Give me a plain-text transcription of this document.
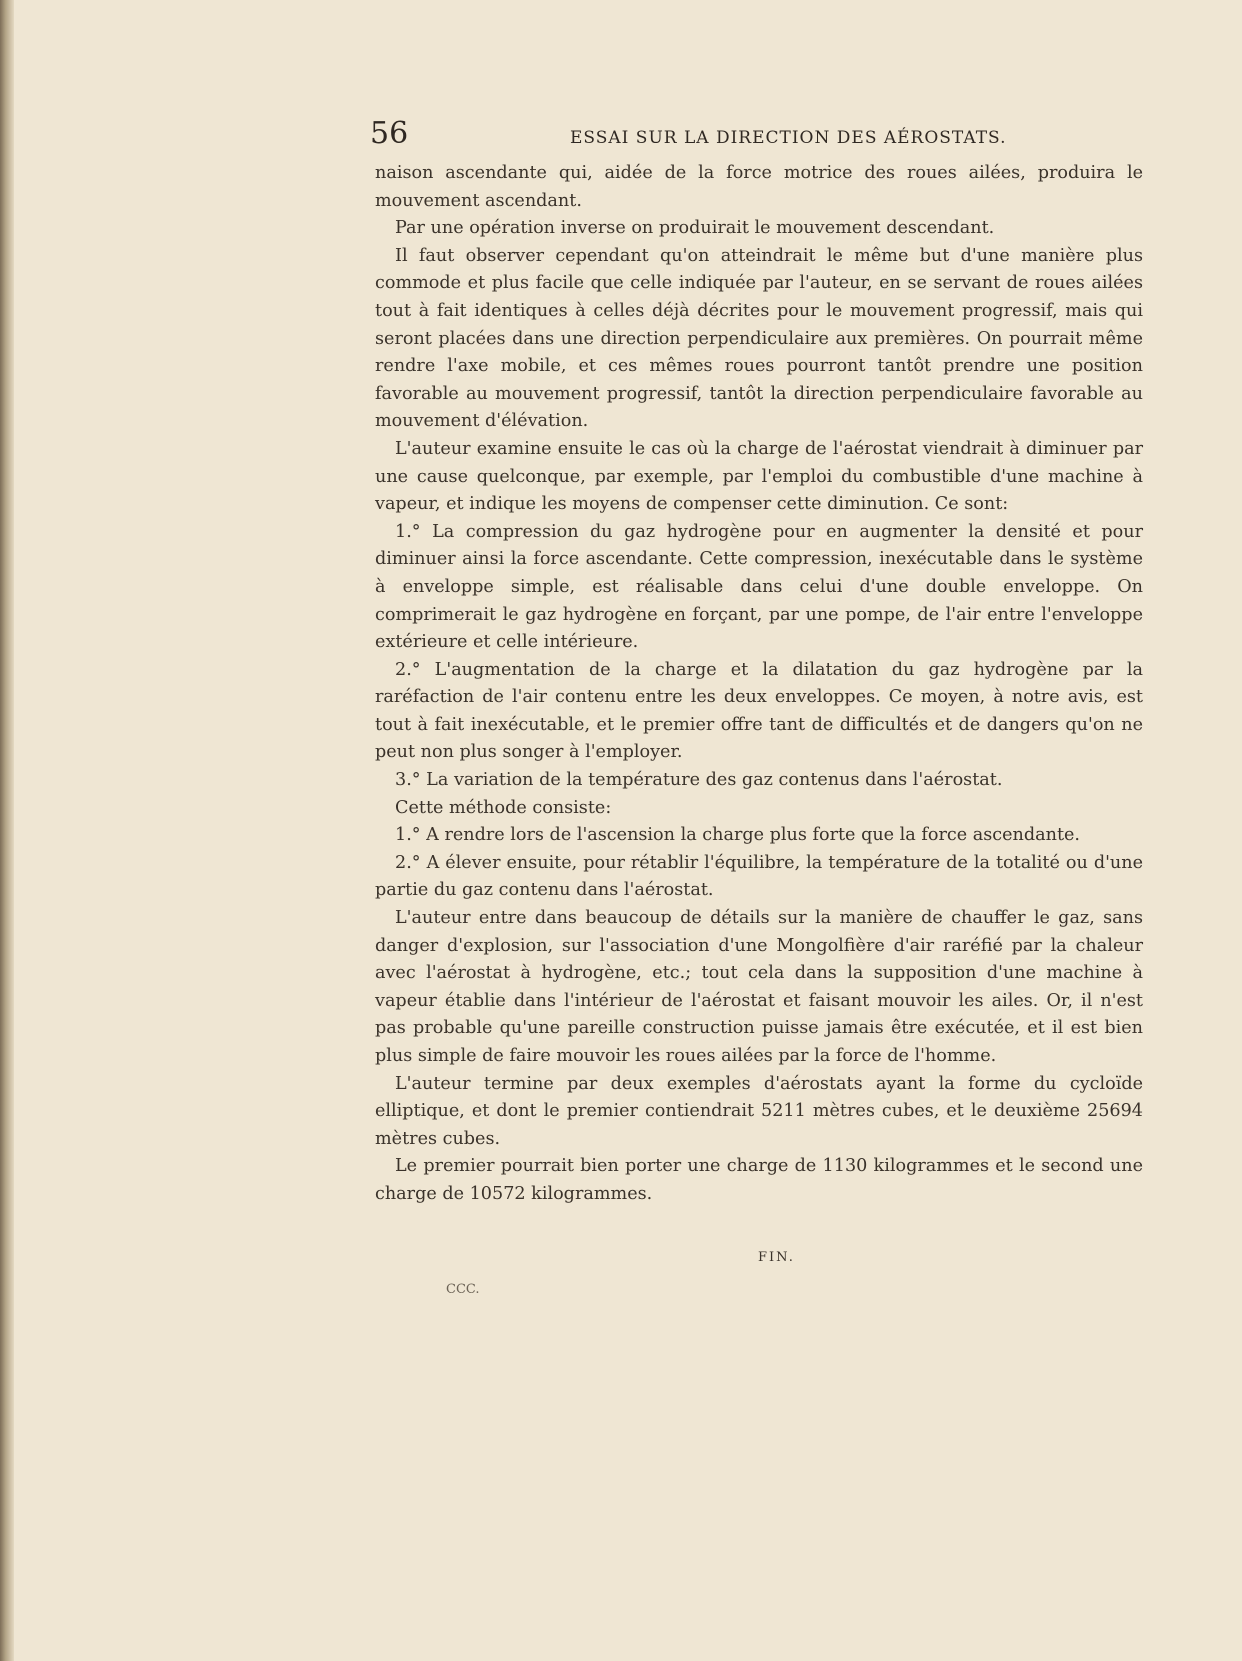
56	ESSAI SUR LA DIRECTION DES AÉROSTATS.

naison ascendante qui, aidée de la force motrice des roues ailées, produira le mouvement ascendant.

Par une opération inverse on produirait le mouvement descendant.

Il faut observer cependant qu'on atteindrait le même but d'une manière plus commode et plus facile que celle indiquée par l'auteur, en se servant de roues ailées tout à fait identiques à celles déjà décrites pour le mouvement progressif, mais qui seront placées dans une direction perpendiculaire aux premières. On pourrait même rendre l'axe mobile, et ces mêmes roues pourront tantôt prendre une position favorable au mouvement progressif, tantôt la direction perpendiculaire favorable au mouvement d'élévation.

L'auteur examine ensuite le cas où la charge de l'aérostat viendrait à diminuer par une cause quelconque, par exemple, par l'emploi du combustible d'une machine à vapeur, et indique les moyens de compenser cette diminution. Ce sont:

1.° La compression du gaz hydrogène pour en augmenter la densité et pour diminuer ainsi la force ascendante. Cette compression, inexécutable dans le système à enveloppe simple, est réalisable dans celui d'une double enveloppe. On comprimerait le gaz hydrogène en forçant, par une pompe, de l'air entre l'enveloppe extérieure et celle intérieure.

2.° L'augmentation de la charge et la dilatation du gaz hydrogène par la raréfaction de l'air contenu entre les deux enveloppes. Ce moyen, à notre avis, est tout à fait inexécutable, et le premier offre tant de difficultés et de dangers qu'on ne peut non plus songer à l'employer.

3.° La variation de la température des gaz contenus dans l'aérostat.

Cette méthode consiste:

1.° A rendre lors de l'ascension la charge plus forte que la force ascendante.

2.° A élever ensuite, pour rétablir l'équilibre, la température de la totalité ou d'une partie du gaz contenu dans l'aérostat.

L'auteur entre dans beaucoup de détails sur la manière de chauffer le gaz, sans danger d'explosion, sur l'association d'une Mongolfière d'air raréfié par la chaleur avec l'aérostat à hydrogène, etc.; tout cela dans la supposition d'une machine à vapeur établie dans l'intérieur de l'aérostat et faisant mouvoir les ailes. Or, il n'est pas probable qu'une pareille construction puisse jamais être exécutée, et il est bien plus simple de faire mouvoir les roues ailées par la force de l'homme.

L'auteur termine par deux exemples d'aérostats ayant la forme du cycloïde elliptique, et dont le premier contiendrait 5211 mètres cubes, et le deuxième 25694 mètres cubes.

Le premier pourrait bien porter une charge de 1130 kilogrammes et le second une charge de 10572 kilogrammes.

FIN.
CCC.
